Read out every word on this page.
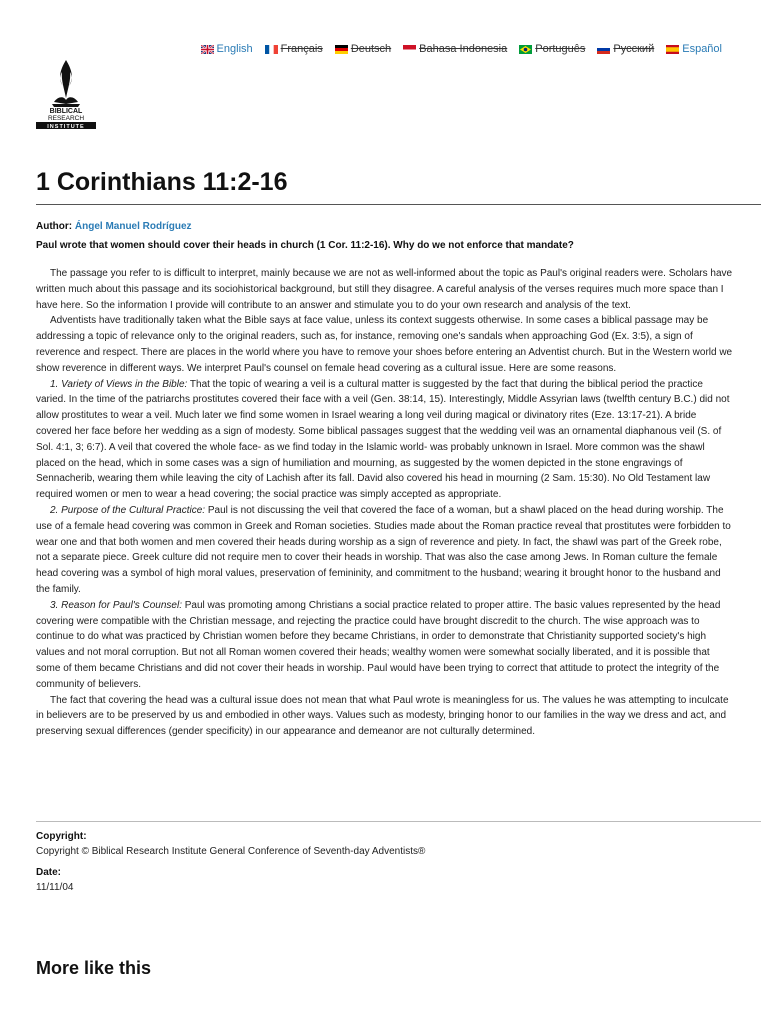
English	Français	Deutsch	Bahasa Indonesia	Português	Русский	Español
BIBLICAL
RESEARCH
INSTITUTE
1 Corinthians 11:2-16
Author: Ángel Manuel Rodríguez
Paul wrote that women should cover their heads in church (1 Cor. 11:2-16). Why do we not enforce that mandate?

The passage you refer to is difficult to interpret, mainly because we are not as well-informed about the topic as Paul's original readers were. Scholars have written much about this passage and its sociohistorical background, but still they disagree. A careful analysis of the verses requires much more space than I have here. So the information I provide will contribute to an answer and stimulate you to do your own research and analysis of the text.

Adventists have traditionally taken what the Bible says at face value, unless its context suggests otherwise. In some cases a biblical passage may be addressing a topic of relevance only to the original readers, such as, for instance, removing one's sandals when approaching God (Ex. 3:5), a sign of reverence and respect. There are places in the world where you have to remove your shoes before entering an Adventist church. But in the Western world we show reverence in different ways. We interpret Paul's counsel on female head covering as a cultural issue. Here are some reasons.

1. Variety of Views in the Bible: That the topic of wearing a veil is a cultural matter is suggested by the fact that during the biblical period the practice varied. In the time of the patriarchs prostitutes covered their face with a veil (Gen. 38:14, 15). Interestingly, Middle Assyrian laws (twelfth century B.C.) did not allow prostitutes to wear a veil. Much later we find some women in Israel wearing a long veil during magical or divinatory rites (Eze. 13:17-21). A bride covered her face before her wedding as a sign of modesty. Some biblical passages suggest that the wedding veil was an ornamental diaphanous veil (S. of Sol. 4:1, 3; 6:7). A veil that covered the whole face- as we find today in the Islamic world- was probably unknown in Israel. More common was the shawl placed on the head, which in some cases was a sign of humiliation and mourning, as suggested by the women depicted in the stone engravings of Sennacherib, wearing them while leaving the city of Lachish after its fall. David also covered his head in mourning (2 Sam. 15:30). No Old Testament law required women or men to wear a head covering; the social practice was simply accepted as appropriate.

2. Purpose of the Cultural Practice: Paul is not discussing the veil that covered the face of a woman, but a shawl placed on the head during worship. The use of a female head covering was common in Greek and Roman societies. Studies made about the Roman practice reveal that prostitutes were forbidden to wear one and that both women and men covered their heads during worship as a sign of reverence and piety. In fact, the shawl was part of the Greek robe, not a separate piece. Greek culture did not require men to cover their heads in worship. That was also the case among Jews. In Roman culture the female head covering was a symbol of high moral values, preservation of femininity, and commitment to the husband; wearing it brought honor to the husband and the family.

3. Reason for Paul's Counsel: Paul was promoting among Christians a social practice related to proper attire. The basic values represented by the head covering were compatible with the Christian message, and rejecting the practice could have brought discredit to the church. The wise approach was to continue to do what was practiced by Christian women before they became Christians, in order to demonstrate that Christianity supported society's high values and not moral corruption. But not all Roman women covered their heads; wealthy women were somewhat socially liberated, and it is possible that some of them became Christians and did not cover their heads in worship. Paul would have been trying to correct that attitude to protect the integrity of the community of believers.

The fact that covering the head was a cultural issue does not mean that what Paul wrote is meaningless for us. The values he was attempting to inculcate in believers are to be preserved by us and embodied in other ways. Values such as modesty, bringing honor to our families in the way we dress and act, and preserving sexual differences (gender specificity) in our appearance and demeanor are not culturally determined.

Copyright:
Copyright © Biblical Research Institute General Conference of Seventh-day Adventists®
Date:
11/11/04
More like this
